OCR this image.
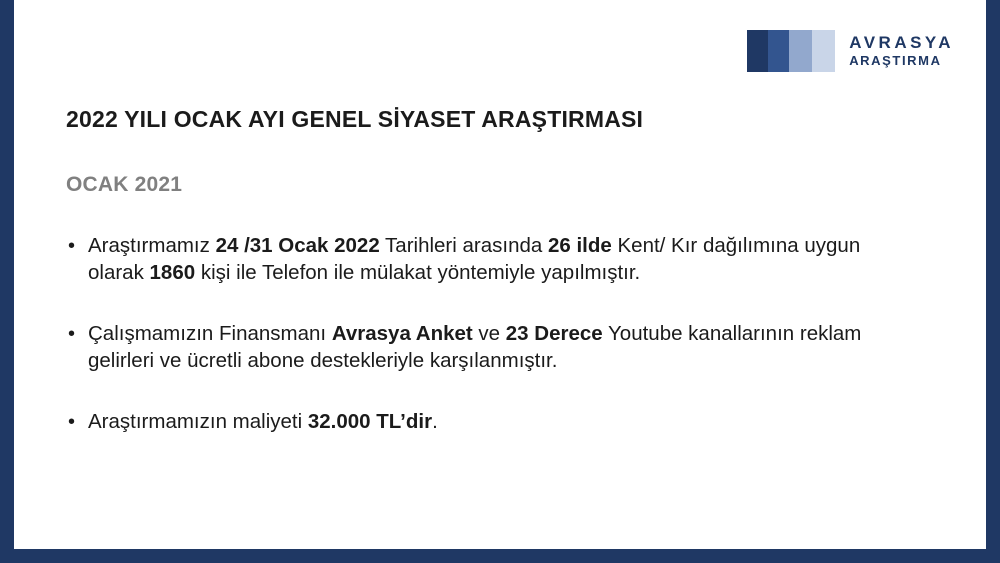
AVRASYA
ARAŞTIRMA
2022 YILI OCAK AYI GENEL SİYASET ARAŞTIRMASI
OCAK 2021
• Araştırmamız 24 /31 Ocak 2022 Tarihleri arasında 26 ilde Kent/ Kır dağılımına uygun olarak 1860 kişi ile Telefon ile mülakat yöntemiyle yapılmıştır.
• Çalışmamızın Finansmanı Avrasya Anket ve 23 Derece Youtube kanallarının reklam gelirleri ve ücretli abone destekleriyle karşılanmıştır.
• Araştırmamızın maliyeti 32.000 TL’dir.
